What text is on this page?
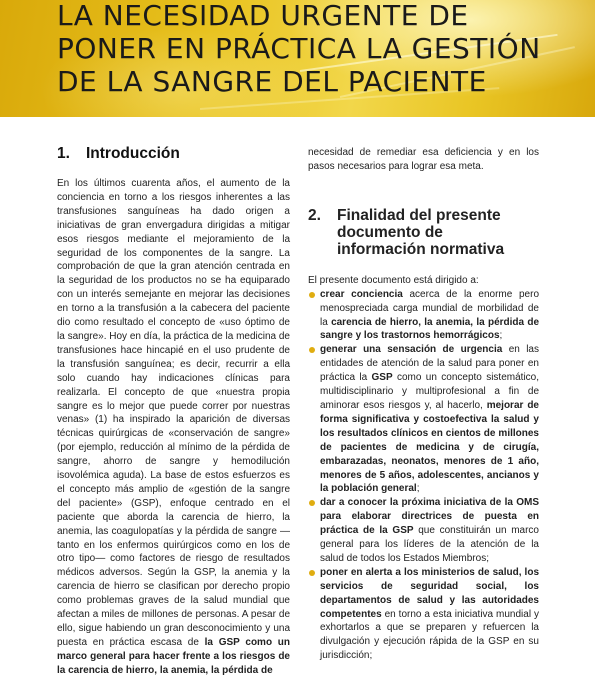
LA NECESIDAD URGENTE DE
PONER EN PRÁCTICA LA GESTIÓN
DE LA SANGRE DEL PACIENTE
1. Introducción

En los últimos cuarenta años, el aumento de la conciencia en torno a los riesgos inherentes a las transfusiones sanguíneas ha dado origen a iniciativas de gran envergadura dirigidas a mitigar esos riesgos mediante el mejoramiento de la seguridad de los componentes de la sangre. La comprobación de que la gran atención centrada en la seguridad de los productos no se ha equiparado con un interés semejante en mejorar las decisiones en torno a la transfusión a la cabecera del paciente dio como resultado el concepto de «uso óptimo de la sangre». Hoy en día, la práctica de la medicina de transfusiones hace hincapié en el uso prudente de la transfusión sanguínea; es decir, recurrir a ella solo cuando hay indicaciones clínicas para realizarla. El concepto de que «nuestra propia sangre es lo mejor que puede correr por nuestras venas» (1) ha inspirado la aparición de diversas técnicas quirúrgicas de «conservación de sangre» (por ejemplo, reducción al mínimo de la pérdida de sangre, ahorro de sangre y hemodilución isovolémica aguda). La base de estos esfuerzos es el concepto más amplio de «gestión de la sangre del paciente» (GSP), enfoque centrado en el paciente que aborda la carencia de hierro, la anemia, las coagulopatías y la pérdida de sangre —tanto en los enfermos quirúrgicos como en los de otro tipo— como factores de riesgo de resultados médicos adversos. Según la GSP, la anemia y la carencia de hierro se clasifican por derecho propio como problemas graves de la salud mundial que afectan a miles de millones de personas. A pesar de ello, sigue habiendo un gran desconocimiento y una puesta en práctica escasa de la GSP como un marco general para hacer frente a los riesgos de la carencia de hierro, la anemia, la pérdida de

necesidad de remediar esa deficiencia y en los pasos necesarios para lograr esa meta.

2.	Finalidad del presente
documento de
información normativa

El presente documento está dirigido a:

crear conciencia acerca de la enorme pero menospreciada carga mundial de morbilidad de la carencia de hierro, la anemia, la pérdida de sangre y los trastornos hemorrágicos;
generar una sensación de urgencia en las entidades de atención de la salud para poner en práctica la GSP como un concepto sistemático, multidisciplinario y multiprofesional a fin de aminorar esos riesgos y, al hacerlo, mejorar de forma significativa y costoefectiva la salud y los resultados clínicos en cientos de millones de pacientes de medicina y de cirugía, embarazadas, neonatos, menores de 1 año, menores de 5 años, adolescentes, ancianos y la población general;
dar a conocer la próxima iniciativa de la OMS para elaborar directrices de puesta en práctica de la GSP que constituirán un marco general para los líderes de la atención de la salud de todos los Estados Miembros;
poner en alerta a los ministerios de salud, los servicios de seguridad social, los departamentos de salud y las autoridades competentes en torno a esta iniciativa mundial y exhortarlos a que se preparen y refuercen la divulgación y ejecución rápida de la GSP en su jurisdicción;
